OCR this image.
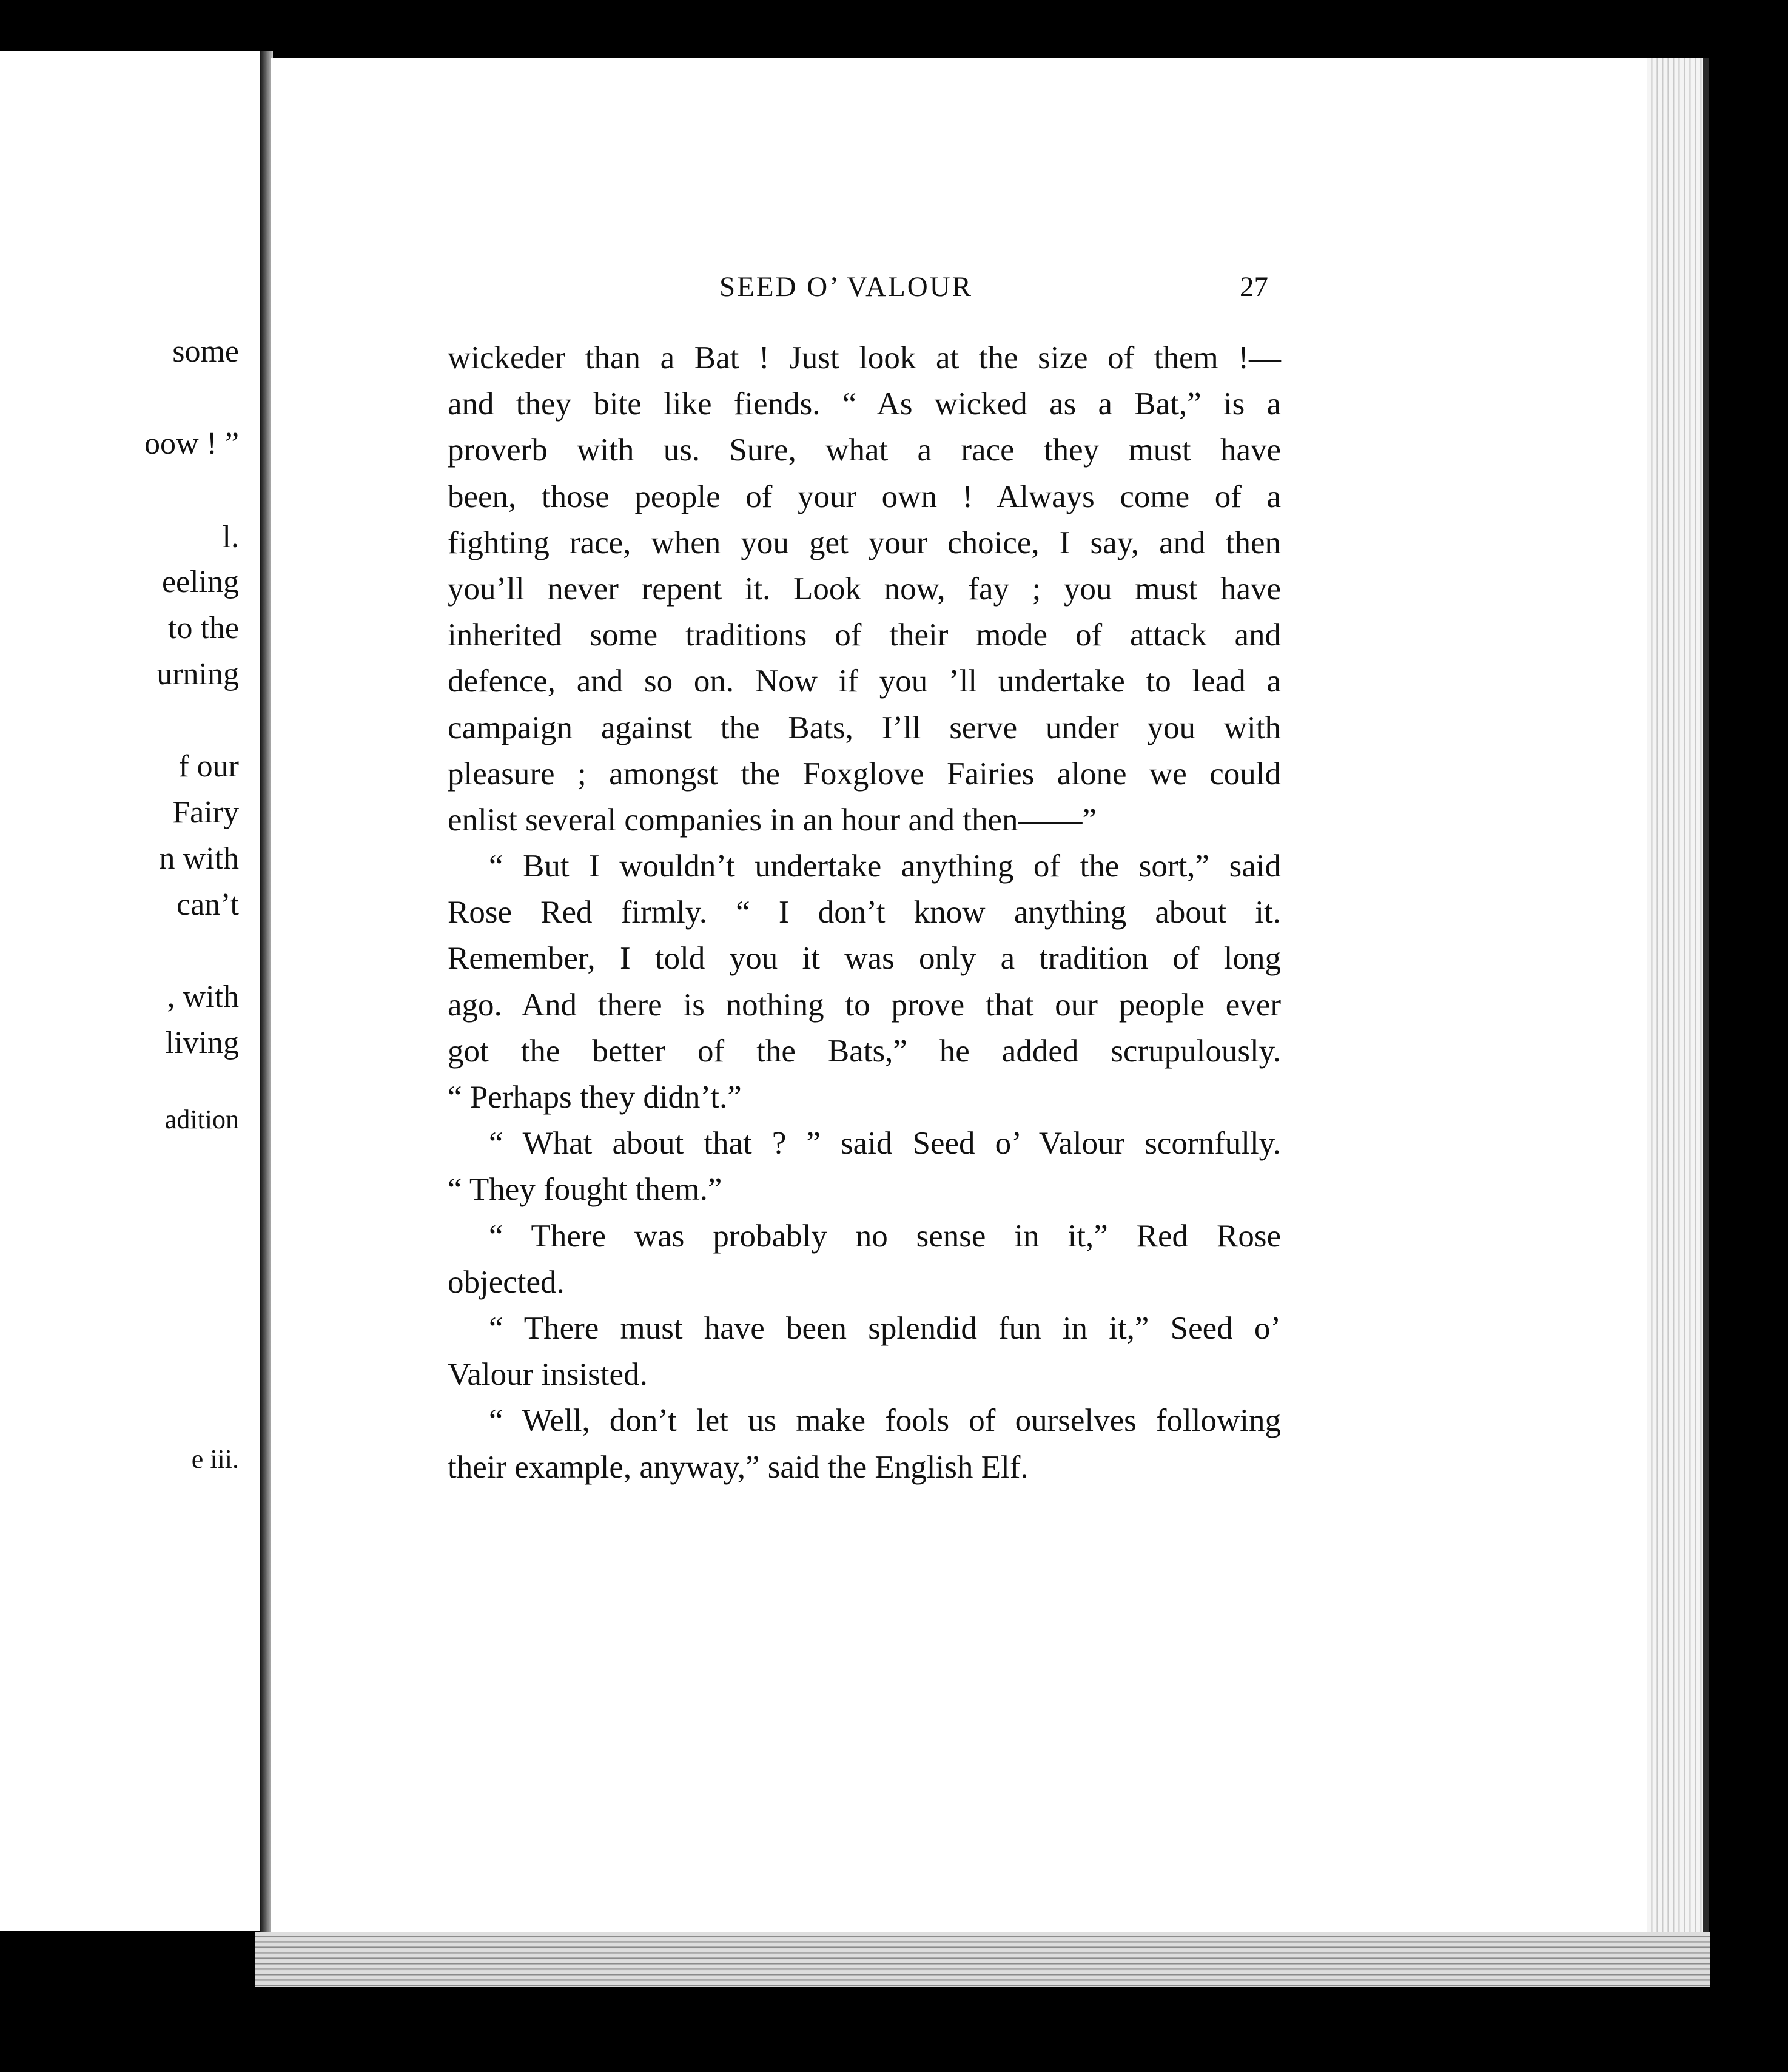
some
oow ! ”
l.
eeling
to the
urning
f our
Fairy
n with
can’t
, with
living
adition
e iii.
SEED O’ VALOUR	27
wickeder than a Bat ! Just look at the size of them !—
and they bite like fiends. “ As wicked as a Bat,” is a
proverb with us. Sure, what a race they must have
been, those people of your own ! Always come of a
fighting race, when you get your choice, I say, and then
you’ll never repent it. Look now, fay ; you must have
inherited some traditions of their mode of attack and
defence, and so on. Now if you ’ll undertake to lead a
campaign against the Bats, I’ll serve under you with
pleasure ; amongst the Foxglove Fairies alone we could
enlist several companies in an hour and then——”
“ But I wouldn’t undertake anything of the sort,” said
Rose Red firmly. “ I don’t know anything about it.
Remember, I told you it was only a tradition of long
ago. And there is nothing to prove that our people ever
got the better of the Bats,” he added scrupulously.
“ Perhaps they didn’t.”
“ What about that ? ” said Seed o’ Valour scornfully.
“ They fought them.”
“ There was probably no sense in it,” Red Rose
objected.
“ There must have been splendid fun in it,” Seed o’
Valour insisted.
“ Well, don’t let us make fools of ourselves following
their example, anyway,” said the English Elf.
